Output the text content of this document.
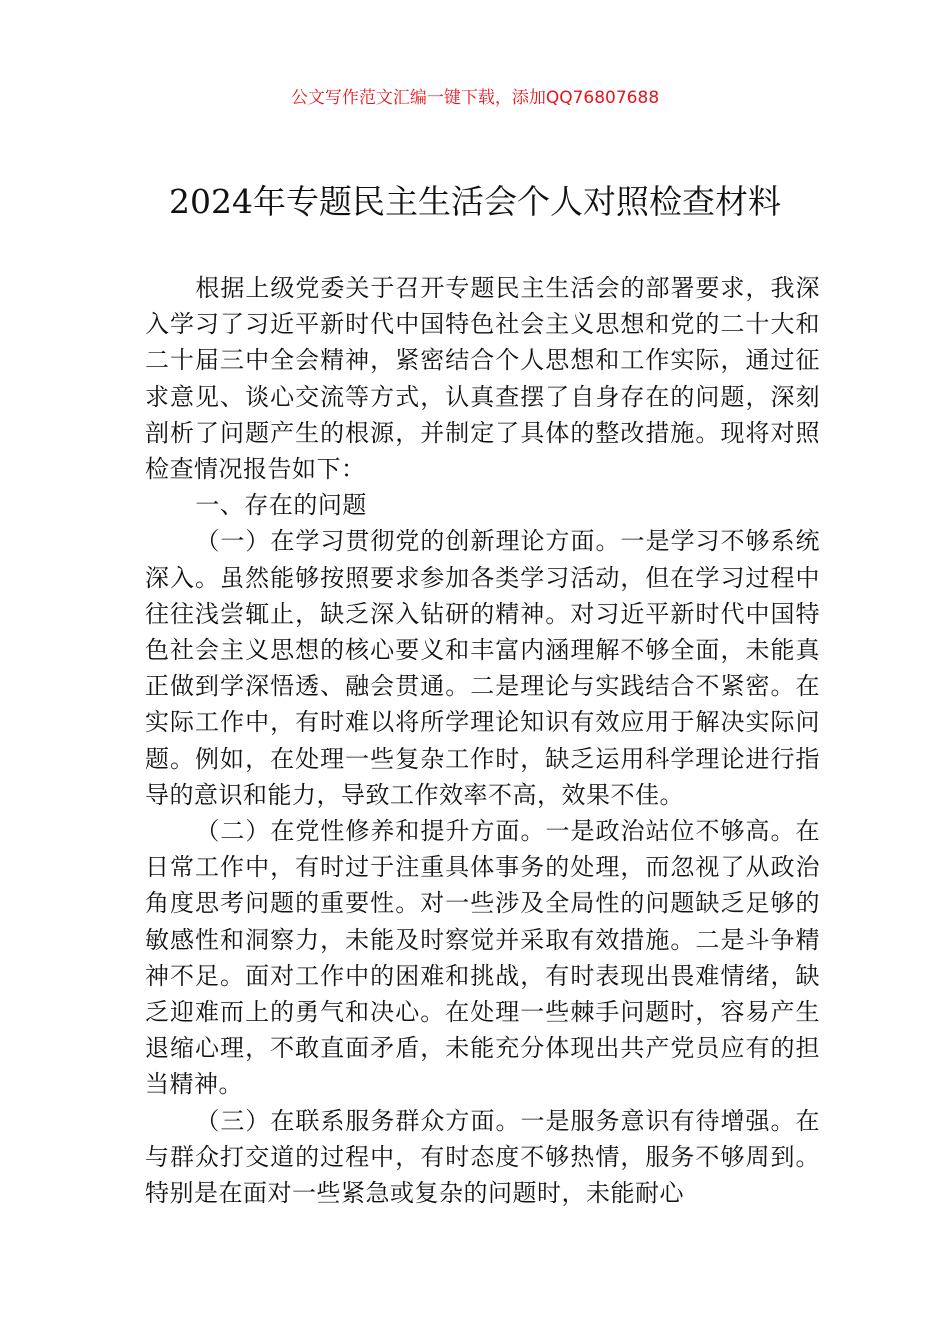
公文写作范文汇编一键下载，添加QQ76807688
2024年专题民主生活会个人对照检查材料

根据上级党委关于召开专题民主生活会的部署要求，我深入学习了习近平新时代中国特色社会主义思想和党的二十大和二十届三中全会精神，紧密结合个人思想和工作实际，通过征求意见、谈心交流等方式，认真查摆了自身存在的问题，深刻剖析了问题产生的根源，并制定了具体的整改措施。现将对照检查情况报告如下：

一、存在的问题

（一）在学习贯彻党的创新理论方面。一是学习不够系统深入。虽然能够按照要求参加各类学习活动，但在学习过程中往往浅尝辄止，缺乏深入钻研的精神。对习近平新时代中国特色社会主义思想的核心要义和丰富内涵理解不够全面，未能真正做到学深悟透、融会贯通。二是理论与实践结合不紧密。在实际工作中，有时难以将所学理论知识有效应用于解决实际问题。例如，在处理一些复杂工作时，缺乏运用科学理论进行指导的意识和能力，导致工作效率不高，效果不佳。

（二）在党性修养和提升方面。一是政治站位不够高。在日常工作中，有时过于注重具体事务的处理，而忽视了从政治角度思考问题的重要性。对一些涉及全局性的问题缺乏足够的敏感性和洞察力，未能及时察觉并采取有效措施。二是斗争精神不足。面对工作中的困难和挑战，有时表现出畏难情绪，缺乏迎难而上的勇气和决心。在处理一些棘手问题时，容易产生退缩心理，不敢直面矛盾，未能充分体现出共产党员应有的担当精神。

（三）在联系服务群众方面。一是服务意识有待增强。在与群众打交道的过程中，有时态度不够热情，服务不够周到。特别是在面对一些紧急或复杂的问题时，未能耐心
